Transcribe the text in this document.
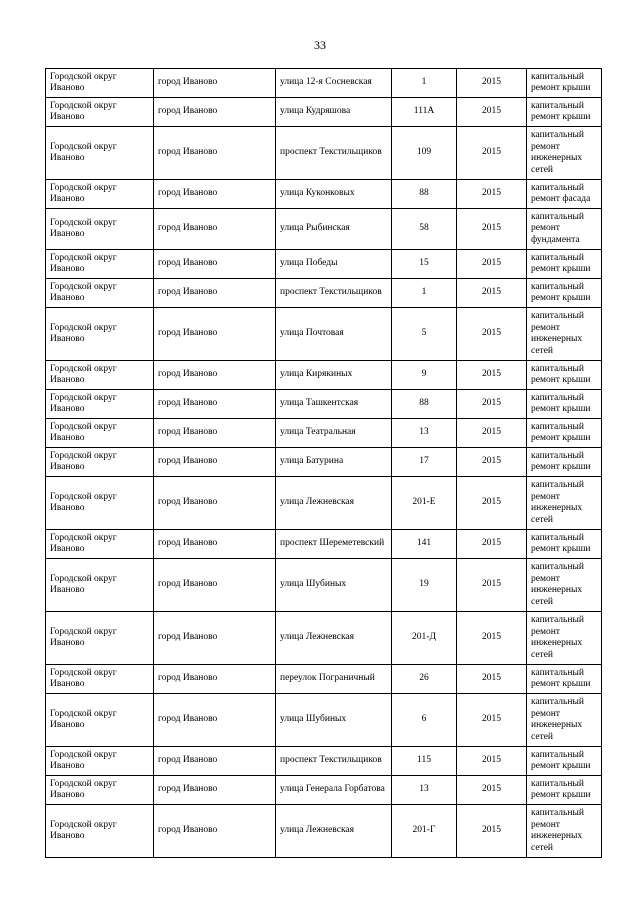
33
Городской округ Иваново	город Иваново	улица 12-я Сосневская	1	2015	капитальный ремонт крыши
Городской округ Иваново	город Иваново	улица Кудряшова	111А	2015	капитальный ремонт крыши
Городской округ Иваново	город Иваново	проспект Текстильщиков	109	2015	капитальный ремонт инженерных сетей
Городской округ Иваново	город Иваново	улица Куконковых	88	2015	капитальный ремонт фасада
Городской округ Иваново	город Иваново	улица Рыбинская	58	2015	капитальный ремонт фундамента
Городской округ Иваново	город Иваново	улица Победы	15	2015	капитальный ремонт крыши
Городской округ Иваново	город Иваново	проспект Текстильщиков	1	2015	капитальный ремонт крыши
Городской округ Иваново	город Иваново	улица Почтовая	5	2015	капитальный ремонт инженерных сетей
Городской округ Иваново	город Иваново	улица Кирякиных	9	2015	капитальный ремонт крыши
Городской округ Иваново	город Иваново	улица Ташкентская	88	2015	капитальный ремонт крыши
Городской округ Иваново	город Иваново	улица Театральная	13	2015	капитальный ремонт крыши
Городской округ Иваново	город Иваново	улица Батурина	17	2015	капитальный ремонт крыши
Городской округ Иваново	город Иваново	улица Лежневская	201-Е	2015	капитальный ремонт инженерных сетей
Городской округ Иваново	город Иваново	проспект Шереметевский	141	2015	капитальный ремонт крыши
Городской округ Иваново	город Иваново	улица Шубиных	19	2015	капитальный ремонт инженерных сетей
Городской округ Иваново	город Иваново	улица Лежневская	201-Д	2015	капитальный ремонт инженерных сетей
Городской округ Иваново	город Иваново	переулок Пограничный	26	2015	капитальный ремонт крыши
Городской округ Иваново	город Иваново	улица Шубиных	6	2015	капитальный ремонт инженерных сетей
Городской округ Иваново	город Иваново	проспект Текстильщиков	115	2015	капитальный ремонт крыши
Городской округ Иваново	город Иваново	улица Генерала Горбатова	13	2015	капитальный ремонт крыши
Городской округ Иваново	город Иваново	улица Лежневская	201-Г	2015	капитальный ремонт инженерных сетей
